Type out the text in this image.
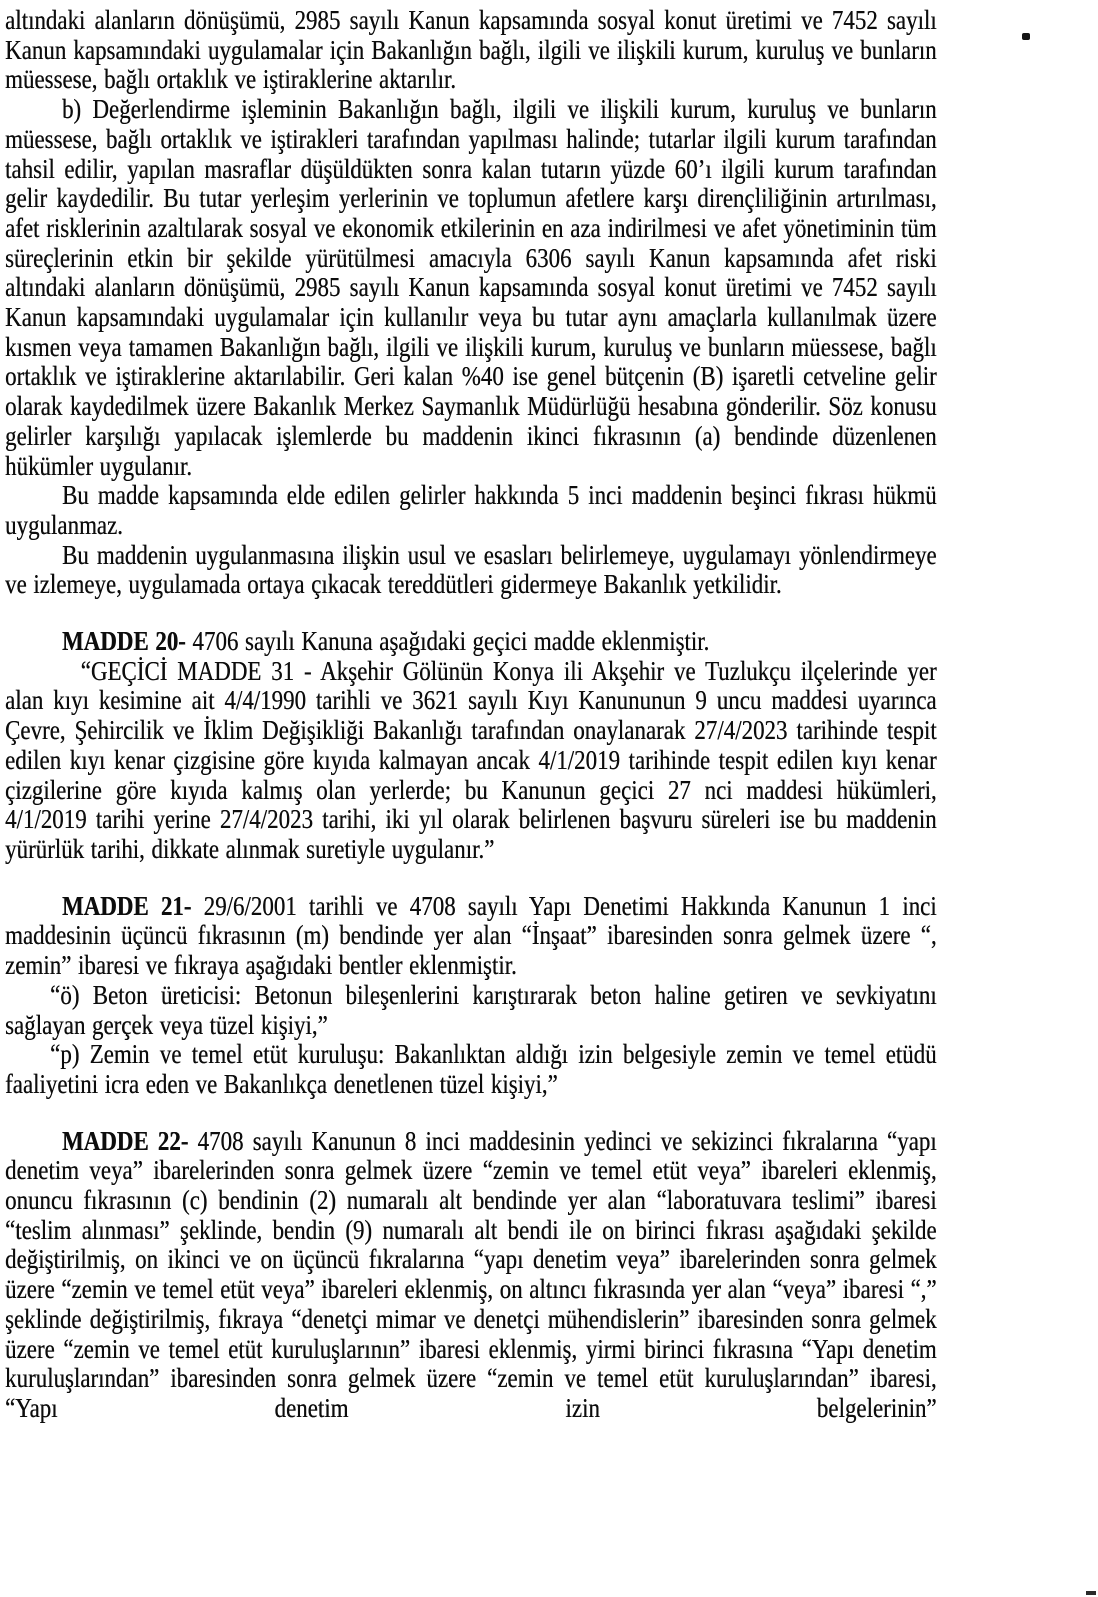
altındaki alanların dönüşümü, 2985 sayılı Kanun kapsamında sosyal konut üretimi ve 7452 sayılı Kanun kapsamındaki uygulamalar için Bakanlığın bağlı, ilgili ve ilişkili kurum, kuruluş ve bunların müessese, bağlı ortaklık ve iştiraklerine aktarılır.

b) Değerlendirme işleminin Bakanlığın bağlı, ilgili ve ilişkili kurum, kuruluş ve bunların müessese, bağlı ortaklık ve iştirakleri tarafından yapılması halinde; tutarlar ilgili kurum tarafından tahsil edilir, yapılan masraflar düşüldükten sonra kalan tutarın yüzde 60’ı ilgili kurum tarafından gelir kaydedilir. Bu tutar yerleşim yerlerinin ve toplumun afetlere karşı dirençliliğinin artırılması, afet risklerinin azaltılarak sosyal ve ekonomik etkilerinin en aza indirilmesi ve afet yönetiminin tüm süreçlerinin etkin bir şekilde yürütülmesi amacıyla 6306 sayılı Kanun kapsamında afet riski altındaki alanların dönüşümü, 2985 sayılı Kanun kapsamında sosyal konut üretimi ve 7452 sayılı Kanun kapsamındaki uygulamalar için kullanılır veya bu tutar aynı amaçlarla kullanılmak üzere kısmen veya tamamen Bakanlığın bağlı, ilgili ve ilişkili kurum, kuruluş ve bunların müessese, bağlı ortaklık ve iştiraklerine aktarılabilir. Geri kalan %40 ise genel bütçenin (B) işaretli cetveline gelir olarak kaydedilmek üzere Bakanlık Merkez Saymanlık Müdürlüğü hesabına gönderilir. Söz konusu gelirler karşılığı yapılacak işlemlerde bu maddenin ikinci fıkrasının (a) bendinde düzenlenen hükümler uygulanır.

Bu madde kapsamında elde edilen gelirler hakkında 5 inci maddenin beşinci fıkrası hükmü uygulanmaz.

Bu maddenin uygulanmasına ilişkin usul ve esasları belirlemeye, uygulamayı yönlendirmeye ve izlemeye, uygulamada ortaya çıkacak tereddütleri gidermeye Bakanlık yetkilidir.

MADDE 20- 4706 sayılı Kanuna aşağıdaki geçici madde eklenmiştir.

“GEÇİCİ MADDE 31 - Akşehir Gölünün Konya ili Akşehir ve Tuzlukçu ilçelerinde yer alan kıyı kesimine ait 4/4/1990 tarihli ve 3621 sayılı Kıyı Kanununun 9 uncu maddesi uyarınca Çevre, Şehircilik ve İklim Değişikliği Bakanlığı tarafından onaylanarak 27/4/2023 tarihinde tespit edilen kıyı kenar çizgisine göre kıyıda kalmayan ancak 4/1/2019 tarihinde tespit edilen kıyı kenar çizgilerine göre kıyıda kalmış olan yerlerde; bu Kanunun geçici 27 nci maddesi hükümleri, 4/1/2019 tarihi yerine 27/4/2023 tarihi, iki yıl olarak belirlenen başvuru süreleri ise bu maddenin yürürlük tarihi, dikkate alınmak suretiyle uygulanır.”

MADDE 21- 29/6/2001 tarihli ve 4708 sayılı Yapı Denetimi Hakkında Kanunun 1 inci maddesinin üçüncü fıkrasının (m) bendinde yer alan “İnşaat” ibaresinden sonra gelmek üzere “, zemin” ibaresi ve fıkraya aşağıdaki bentler eklenmiştir.

“ö) Beton üreticisi: Betonun bileşenlerini karıştırarak beton haline getiren ve sevkiyatını sağlayan gerçek veya tüzel kişiyi,”

“p) Zemin ve temel etüt kuruluşu: Bakanlıktan aldığı izin belgesiyle zemin ve temel etüdü faaliyetini icra eden ve Bakanlıkça denetlenen tüzel kişiyi,”

MADDE 22- 4708 sayılı Kanunun 8 inci maddesinin yedinci ve sekizinci fıkralarına “yapı denetim veya” ibarelerinden sonra gelmek üzere “zemin ve temel etüt veya” ibareleri eklenmiş, onuncu fıkrasının (c) bendinin (2) numaralı alt bendinde yer alan “laboratuvara teslimi” ibaresi “teslim alınması” şeklinde, bendin (9) numaralı alt bendi ile on birinci fıkrası aşağıdaki şekilde değiştirilmiş, on ikinci ve on üçüncü fıkralarına “yapı denetim veya” ibarelerinden sonra gelmek üzere “zemin ve temel etüt veya” ibareleri eklenmiş, on altıncı fıkrasında yer alan “veya” ibaresi “,” şeklinde değiştirilmiş, fıkraya “denetçi mimar ve denetçi mühendislerin” ibaresinden sonra gelmek üzere “zemin ve temel etüt kuruluşlarının” ibaresi eklenmiş, yirmi birinci fıkrasına “Yapı denetim kuruluşlarından” ibaresinden sonra gelmek üzere “zemin ve temel etüt kuruluşlarından” ibaresi, “Yapı denetim izin belgelerinin”
